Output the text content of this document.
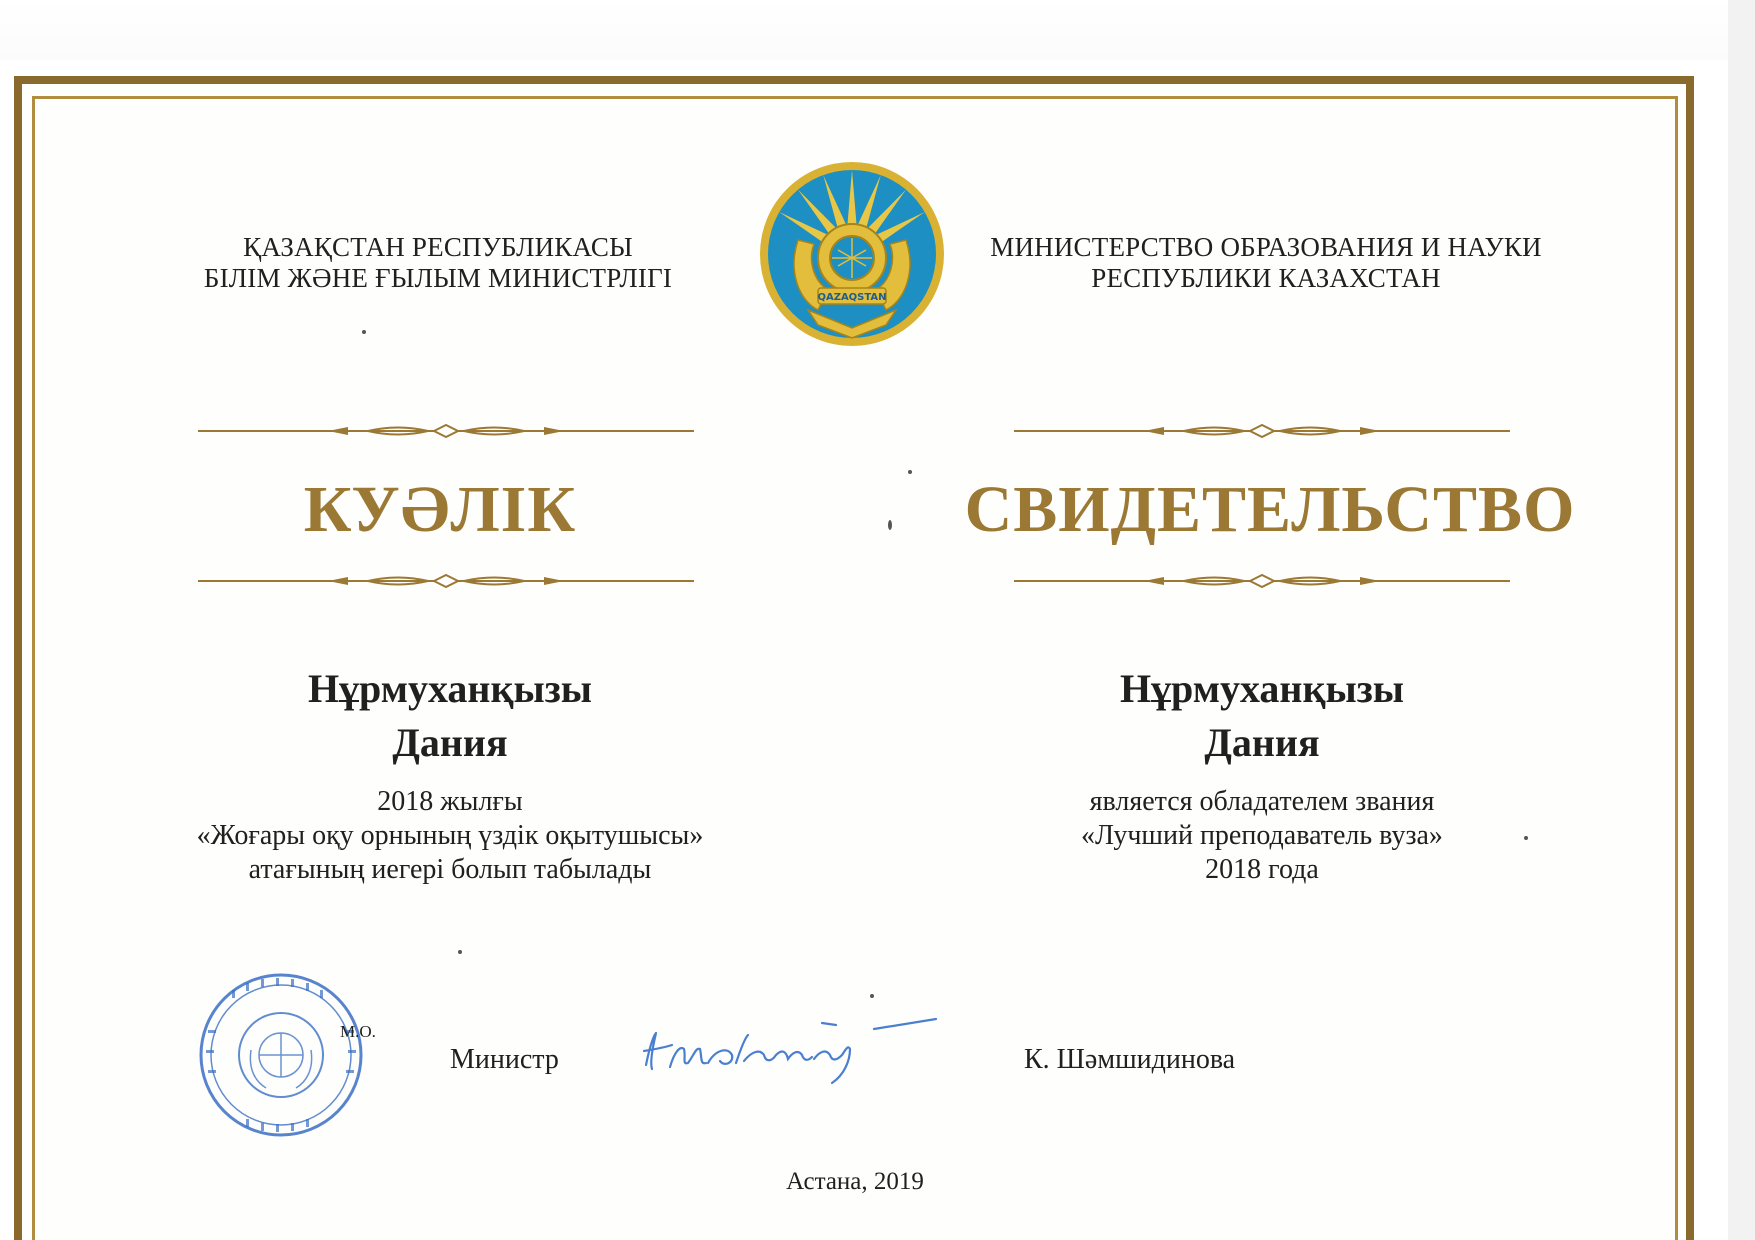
ҚАЗАҚСТАН РЕСПУБЛИКАСЫ
БІЛІМ ЖӘНЕ ҒЫЛЫМ МИНИСТРЛІГІ
МИНИСТЕРСТВО ОБРАЗОВАНИЯ И НАУКИ
РЕСПУБЛИКИ КАЗАХСТАН
QAZAQSTAN
КУӘЛІК	СВИДЕТЕЛЬСТВО
Нұрмуханқызы
Дания
Нұрмуханқызы
Дания
2018 жылғы
«Жоғары оқу орнының үздік оқытушысы»
атағының иегері болып табылады
является обладателем звания
«Лучший преподаватель вуза»
2018 года
М.О.
Министр	К. Шәмшидинова
Астана, 2019
